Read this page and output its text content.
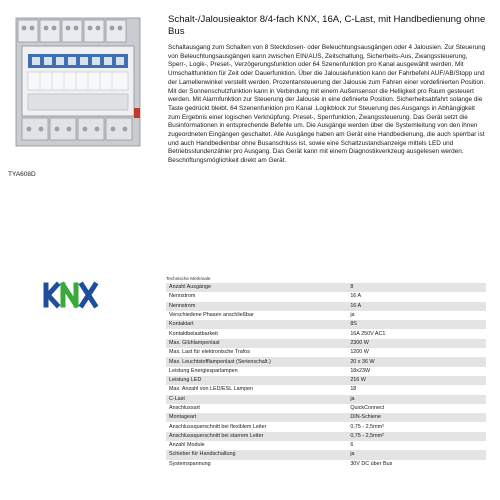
TYA608D
Schalt-/Jalousieaktor 8/4-fach KNX, 16A, C-Last, mit Handbedienung ohne Bus
Schaltausgang zum Schalten von 8 Steckdosen- oder Beleuchtungsausgängen oder 4 Jalousien. Zur Steuerung von Beleuchtungsausgängen kann zwischen EIN/AUS, Zeitschaltung, Sicherheits-Aus, Zwangssteuerung, Sperr-, Logik-, Preset-, Verzögerungsfunktion oder 64 Szenenfunktion pro Kanal ausgewählt werden. Mit Umschaltfunktion für Zeit oder Dauerfunktion. Über die Jalousiefunktion kann der Fahrbefehl AUF/AB/Stopp und der Lamellenwinkel verstellt werden. Prozentansteuerung der Jalousie zum Fahren einer vordefinierten Position. Mit der Sonnenschutzfunktion kann in Verbindung mit einem Außensensor die Helligkeit pro Raum gesteuert werden. Mit Alarmfunktion zur Steuerung der Jalousie in eine definierte Position. Sicherheitsabfahrt solange die Taste gedrückt bleibt. 64 Szenenfunktion pro Kanal .Logikblock zur Steuerung des Ausgangs in Abhängigkeit zum Ergebnis einer logischen Verknüpfung. Preset-, Sperrfunktion, Zwangssteuerung. Das Gerät setzt die Businformationen in entsprechende Befehle um. Die Ausgänge werden über die Systemleitung von den ihnen zugeordneten Eingängen geschaltet. Alle Ausgänge haben am Gerät eine Handbedienung, die auch sperrbar ist und auch Handbedienbar ohne Busanschluss ist, sowie eine Schaltzustandsanzeige mittels LED und Betriebsstundenzähler pro Ausgang. Das Gerät kann mit einem Diagnostikverkzeug ausgelesen werden. Beschriftungsmöglichkeit direkt am Gerät.
Technische Merkmale
Anzahl Ausgänge	8
Nennstrom	16 A
Nennstrom	16 A
Verschiedene Phasen anschließbar	ja
Kontaktart	8S
Kontaktbelastbarkeit	16A 250V AC1
Max. Glühlampenlast	2300 W
Max. Last für elektronische Trafos	1200 W
Max. Leuchtstofflampenlast (Serienschalt.)	20 x 36 W
Leistung Energiesparlampen	18x23W
Leistung LED	216 W
Max. Anzahl von LED/ESL Lampen	18
C-Last	ja
Anschlussart	QuickConnect
Montageart	DIN-Schiene
Anschlussquerschnitt bei flexiblem Leiter	0,75 - 2,5mm²
Anschlussquerschnitt bei starrem Leiter	0,75 - 2,5mm²
Anzahl Module	6
Schieber für Handschaltung	ja
Systemspannung	30V DC über Bus
